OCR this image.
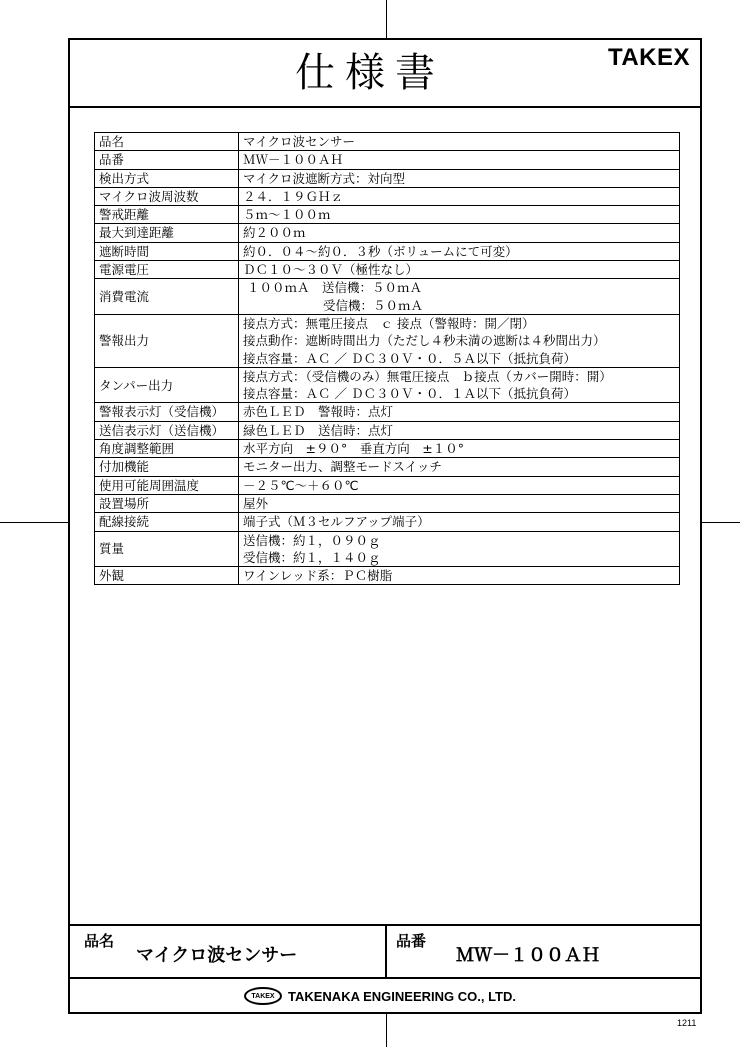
仕様書	TAKEX
品名	マイクロ波センサー

品番	ＭＷ－１００ＡＨ

検出方式	マイクロ波遮断方式：対向型

マイクロ波周波数	２４．１９ＧＨｚ

警戒距離	５ｍ～１００ｍ

最大到達距離	約２００ｍ

遮断時間	約０．０４～約０．３秒（ボリュームにて可変）

電源電圧	ＤＣ１０～３０Ｖ（極性なし）

消費電流	１００ｍＡ　送信機：５０ｍＡ
受信機：５０ｍＡ

警報出力	接点方式：無電圧接点　ｃ 接点（警報時：開／閉）
接点動作：遮断時間出力（ただし４秒未満の遮断は４秒間出力）
接点容量：ＡＣ ／ ＤＣ３０Ｖ・０．５Ａ以下（抵抗負荷）

タンパー出力	接点方式：（受信機のみ）無電圧接点　ｂ接点（カバー開時：開）
接点容量：ＡＣ ／ ＤＣ３０Ｖ・０．１Ａ以下（抵抗負荷）

警報表示灯（受信機）	赤色ＬＥＤ　警報時：点灯

送信表示灯（送信機）	緑色ＬＥＤ　送信時：点灯

角度調整範囲	水平方向　±９０°　垂直方向　±１０°

付加機能	モニター出力、調整モードスイッチ

使用可能周囲温度	－２５℃～＋６０℃

設置場所	屋外

配線接続	端子式（Ｍ３セルフアップ端子）

質量	送信機：約１，０９０ｇ
受信機：約１，１４０ｇ

外観	ワインレッド系：ＰＣ樹脂
品名
マイクロ波センサー
品番
ＭＷ－１００ＡＨ
TAKEX	TAKENAKA ENGINEERING CO., LTD.
1211
